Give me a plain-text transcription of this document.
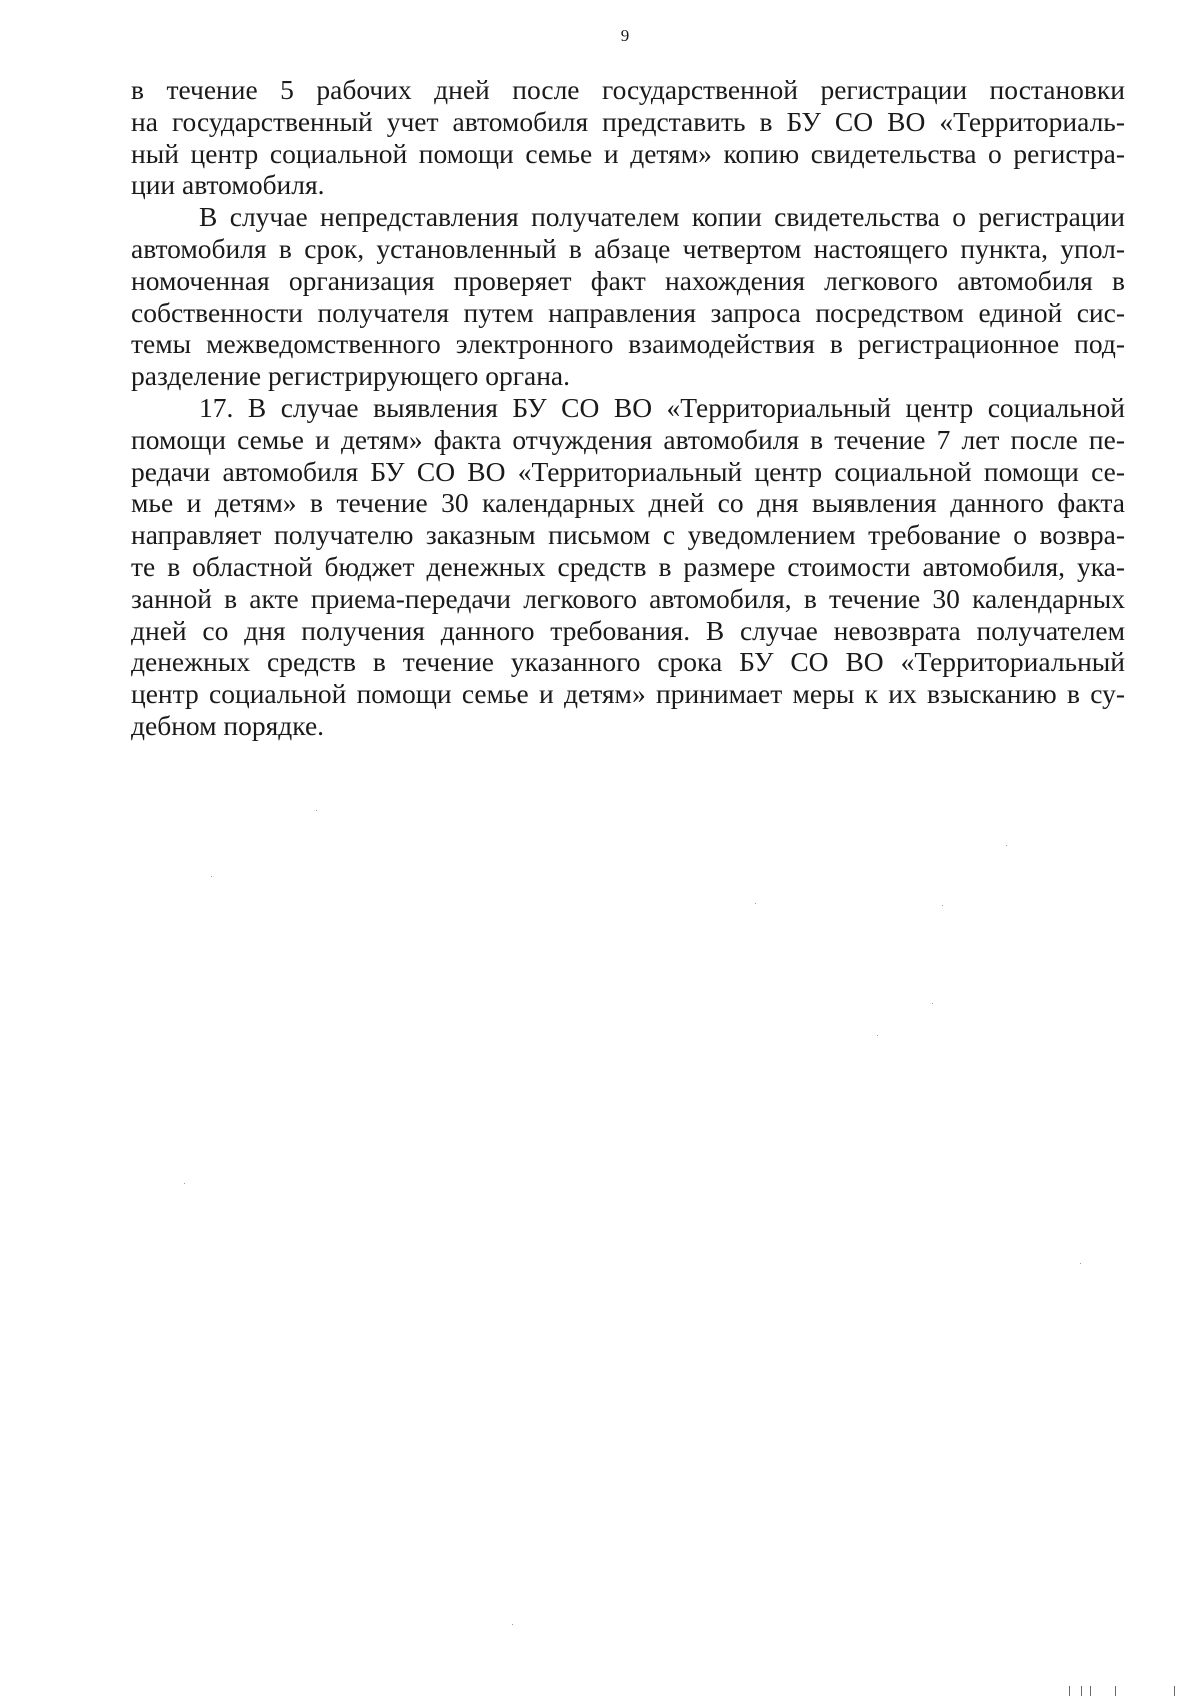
9
в течение 5 рабочих дней после государственной регистрации постановки
на государственный учет автомобиля представить в БУ СО ВО «Территориаль-
ный центр социальной помощи семье и детям» копию свидетельства о регистра-
ции автомобиля.
В случае непредставления получателем копии свидетельства о регистрации
автомобиля в срок, установленный в абзаце четвертом настоящего пункта, упол-
номоченная организация проверяет факт нахождения легкового автомобиля в
собственности получателя путем направления запроса посредством единой сис-
темы межведомственного электронного взаимодействия в регистрационное под-
разделение регистрирующего органа.
17. В случае выявления БУ СО ВО «Территориальный центр социальной
помощи семье и детям» факта отчуждения автомобиля в течение 7 лет после пе-
редачи автомобиля БУ СО ВО «Территориальный центр социальной помощи се-
мье и детям» в течение 30 календарных дней со дня выявления данного факта
направляет получателю заказным письмом с уведомлением требование о возвра-
те в областной бюджет денежных средств в размере стоимости автомобиля, ука-
занной в акте приема-передачи легкового автомобиля, в течение 30 календарных
дней со дня получения данного требования. В случае невозврата получателем
денежных средств в течение указанного срока БУ СО ВО «Территориальный
центр социальной помощи семье и детям» принимает меры к их взысканию в су-
дебном порядке.
